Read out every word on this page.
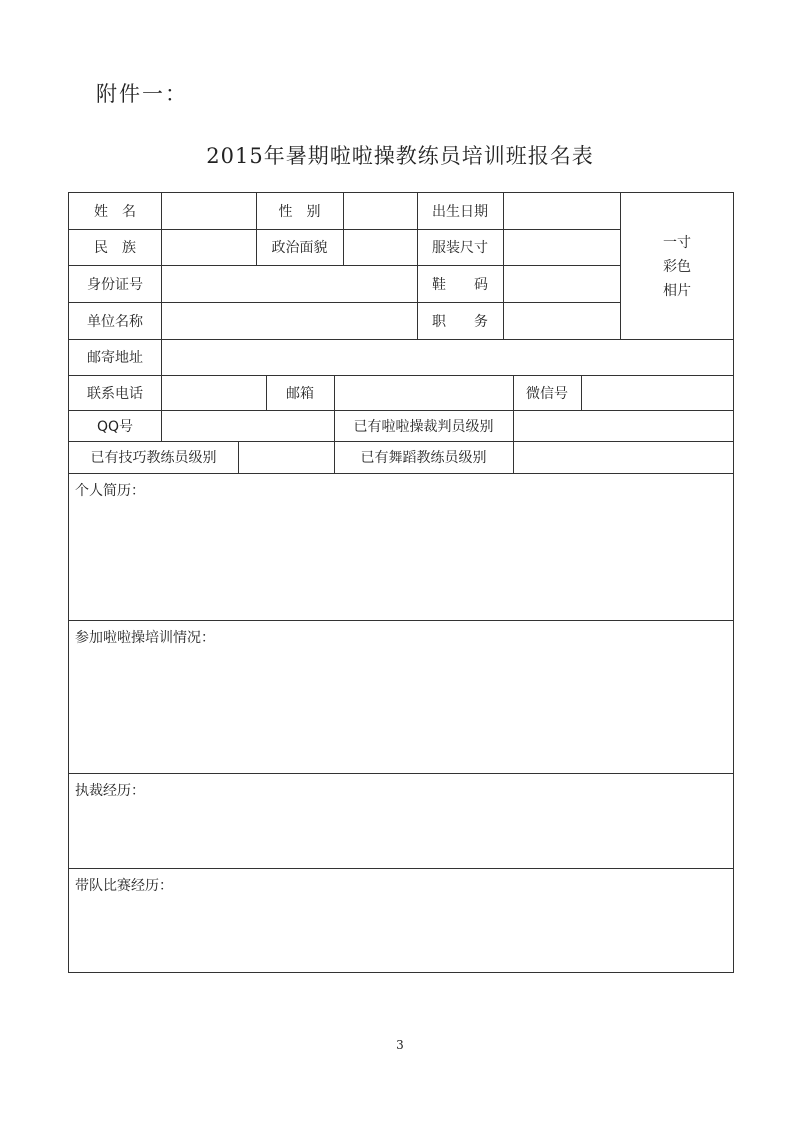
附件一：
2015年暑期啦啦操教练员培训班报名表
姓　名	性　别	出生日期
民　族	政治面貌	服装尺寸
身份证号	鞋　　码
单位名称	职　　务
一寸
彩色
相片
邮寄地址
联系电话	邮箱	微信号
QQ号	已有啦啦操裁判员级别
已有技巧教练员级别	已有舞蹈教练员级别
个人简历：
参加啦啦操培训情况：
执裁经历：
带队比赛经历：
3
